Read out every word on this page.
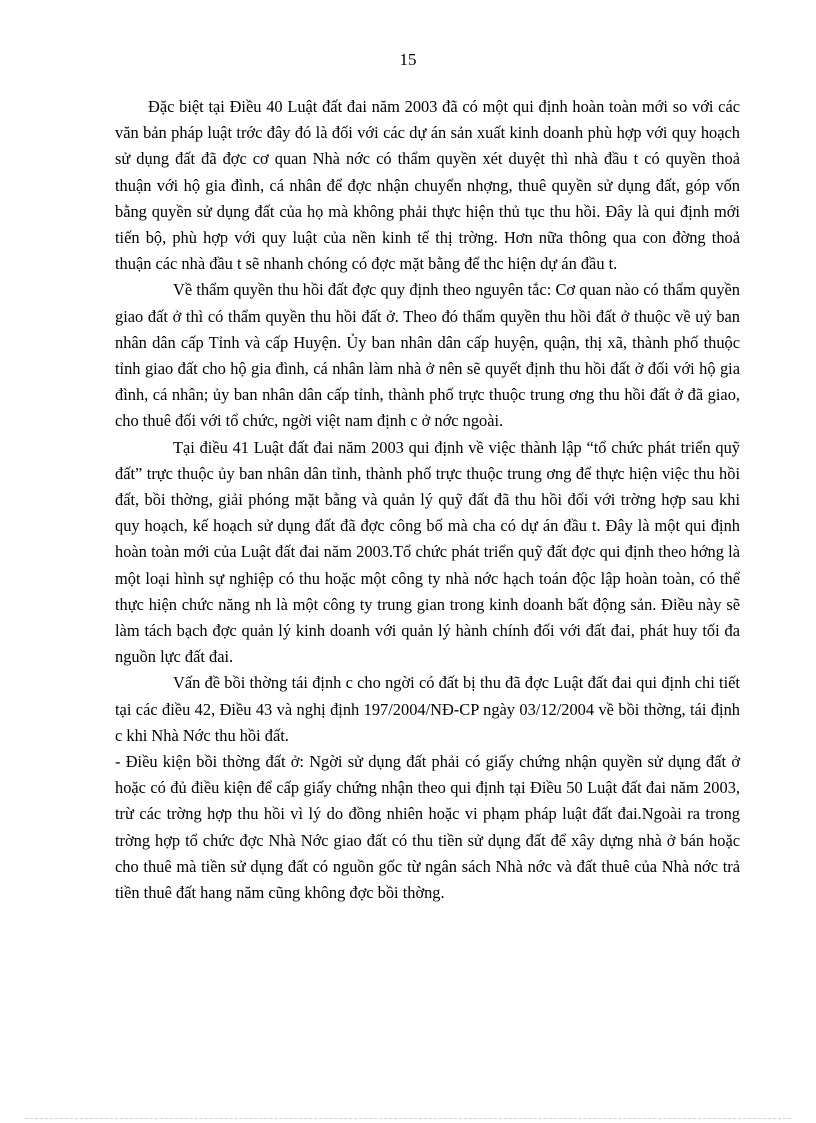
15

Đặc biệt tại Điều 40 Luật đất đai năm 2003 đã có một qui định hoàn toàn mới so với các văn bản pháp luật trớc đây đó là đối với các dự án sản xuất kinh doanh phù hợp với quy hoạch sử dụng đất đã đợc cơ quan Nhà nớc có thẩm quyền xét duyệt thì nhà đầu t có quyền thoả thuận với hộ gia đình, cá nhân để đợc nhận chuyển nhợng, thuê quyền sử dụng đất, góp vốn bằng quyền sử dụng đất của họ mà không phải thực hiện thủ tục thu hồi. Đây là qui định mới tiến bộ, phù hợp với quy luật của nền kinh tế thị trờng. Hơn nữa thông qua con đờng thoả thuận các nhà đầu t sẽ nhanh chóng có đợc mặt bằng để thc hiện dự án đầu t.

Về thẩm quyền thu hồi đất đợc quy định theo nguyên tắc: Cơ quan nào có thẩm quyền giao đất ở thì có thẩm quyền thu hồi đất ở. Theo đó thẩm quyền thu hồi đất ở thuộc về uỷ ban nhân dân cấp Tỉnh và cấp Huyện. Ủy ban nhân dân cấp huyện, quận, thị xã, thành phố thuộc tỉnh giao đất cho hộ gia đình, cá nhân làm nhà ở nên sẽ quyết định thu hồi đất ở đối với hộ gia đình, cá nhân; ủy ban nhân dân cấp tỉnh, thành phố trực thuộc trung ơng thu hồi đất ở đã giao, cho thuê đối với tổ chức, ngời việt nam định c ở nớc ngoài.

Tại điều 41 Luật đất đai năm 2003 qui định về việc thành lập “tổ chức phát triển quỹ đất” trực thuộc ủy ban nhân dân tỉnh, thành phố trực thuộc trung ơng để thực hiện việc thu hồi đất, bồi thờng, giải phóng mặt bằng và quản lý quỹ đất đã thu hồi đối với trờng hợp sau khi quy hoạch, kế hoạch sử dụng đất đã đợc công bố mà cha có dự án đầu t. Đây là một qui định hoàn toàn mới của Luật đất đai năm 2003.Tổ chức phát triển quỹ đất đợc qui định theo hớng là một loại hình sự nghiệp có thu hoặc một công ty nhà nớc hạch toán độc lập hoàn toàn, có thể thực hiện chức năng nh là một công ty trung gian trong kinh doanh bất động sản. Điều này sẽ làm tách bạch đợc quản lý kinh doanh với quản lý hành chính đối với đất đai, phát huy tối đa nguồn lực đất đai.

Vấn đề bồi thờng tái định c cho ngời có đất bị thu đã đợc Luật đất đai qui định chi tiết tại các điều 42, Điều 43 và nghị định 197/2004/NĐ-CP ngày 03/12/2004 về bồi thờng, tái định c khi Nhà Nớc thu hồi đất.

- Điều kiện bồi thờng đất ở: Ngời sử dụng đất phải có giấy chứng nhận quyền sử dụng đất ở hoặc có đủ điều kiện để cấp giấy chứng nhận theo qui định tại Điều 50 Luật đất đai năm 2003, trừ các trờng hợp thu hồi vì lý do đồng nhiên hoặc vi phạm pháp luật đất đai.Ngoài ra trong trờng hợp tổ chức đợc Nhà Nớc giao đất có thu tiền sử dụng đất để xây dựng nhà ở bán hoặc cho thuê mà tiền sử dụng đất có nguồn gốc từ ngân sách Nhà nớc và đất thuê của Nhà nớc trả tiền thuê đất hang năm cũng không đợc bồi thờng.
